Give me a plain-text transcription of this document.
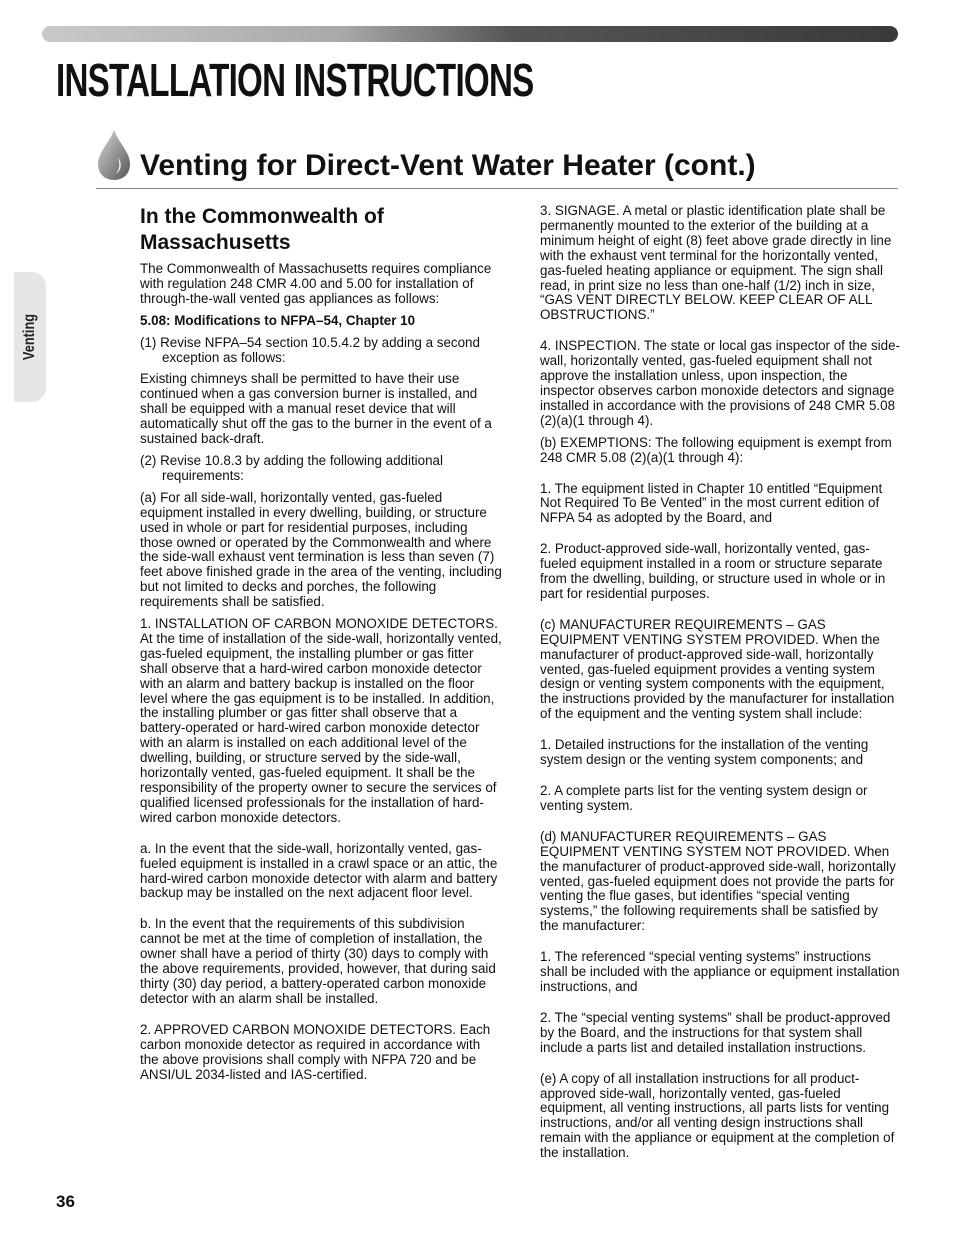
INSTALLATION INSTRUCTIONS
Venting for Direct-Vent Water Heater (cont.)
Venting
In the Commonwealth of Massachusetts

The Commonwealth of Massachusetts requires compliance with regulation 248 CMR 4.00 and 5.00 for installation of through-the-wall vented gas appliances as follows:

5.08: Modifications to NFPA–54, Chapter 10

(1) Revise NFPA–54 section 10.5.4.2 by adding a second exception as follows:

Existing chimneys shall be permitted to have their use continued when a gas conversion burner is installed, and shall be equipped with a manual reset device that will automatically shut off the gas to the burner in the event of a sustained back-draft.

(2) Revise 10.8.3 by adding the following additional requirements:

(a) For all side-wall, horizontally vented, gas-fueled equipment installed in every dwelling, building, or structure used in whole or part for residential purposes, including those owned or operated by the Commonwealth and where the side-wall exhaust vent termination is less than seven (7) feet above finished grade in the area of the venting, including but not limited to decks and porches, the following requirements shall be satisfied.

1. INSTALLATION OF CARBON MONOXIDE DETECTORS. At the time of installation of the side-wall, horizontally vented, gas-fueled equipment, the installing plumber or gas fitter shall observe that a hard-wired carbon monoxide detector with an alarm and battery backup is installed on the floor level where the gas equipment is to be installed. In addition, the installing plumber or gas fitter shall observe that a battery-operated or hard-wired carbon monoxide detector with an alarm is installed on each additional level of the dwelling, building, or structure served by the side-wall, horizontally vented, gas-fueled equipment. It shall be the responsibility of the property owner to secure the services of qualified licensed professionals for the installation of hard-wired carbon monoxide detectors.

a. In the event that the side-wall, horizontally vented, gas-fueled equipment is installed in a crawl space or an attic, the hard-wired carbon monoxide detector with alarm and battery backup may be installed on the next adjacent floor level.

b. In the event that the requirements of this subdivision cannot be met at the time of completion of installation, the owner shall have a period of thirty (30) days to comply with the above requirements, provided, however, that during said thirty (30) day period, a battery-operated carbon monoxide detector with an alarm shall be installed.

2. APPROVED CARBON MONOXIDE DETECTORS. Each carbon monoxide detector as required in accordance with the above provisions shall comply with NFPA 720 and be ANSI/UL 2034-listed and IAS-certified.

3. SIGNAGE. A metal or plastic identification plate shall be permanently mounted to the exterior of the building at a minimum height of eight (8) feet above grade directly in line with the exhaust vent terminal for the horizontally vented, gas-fueled heating appliance or equipment. The sign shall read, in print size no less than one-half (1/2) inch in size, “GAS VENT DIRECTLY BELOW. KEEP CLEAR OF ALL OBSTRUCTIONS.”

4. INSPECTION. The state or local gas inspector of the side-wall, horizontally vented, gas-fueled equipment shall not approve the installation unless, upon inspection, the inspector observes carbon monoxide detectors and signage installed in accordance with the provisions of 248 CMR 5.08 (2)(a)(1 through 4).

(b) EXEMPTIONS: The following equipment is exempt from 248 CMR 5.08 (2)(a)(1 through 4):

1. The equipment listed in Chapter 10 entitled “Equipment Not Required To Be Vented” in the most current edition of NFPA 54 as adopted by the Board, and

2. Product-approved side-wall, horizontally vented, gas-fueled equipment installed in a room or structure separate from the dwelling, building, or structure used in whole or in part for residential purposes.

(c) MANUFACTURER REQUIREMENTS – GAS EQUIPMENT VENTING SYSTEM PROVIDED. When the manufacturer of product-approved side-wall, horizontally vented, gas-fueled equipment provides a venting system design or venting system components with the equipment, the instructions provided by the manufacturer for installation of the equipment and the venting system shall include:

1. Detailed instructions for the installation of the venting system design or the venting system components; and

2. A complete parts list for the venting system design or venting system.

(d) MANUFACTURER REQUIREMENTS – GAS EQUIPMENT VENTING SYSTEM NOT PROVIDED. When the manufacturer of product-approved side-wall, horizontally vented, gas-fueled equipment does not provide the parts for venting the flue gases, but identifies “special venting systems,” the following requirements shall be satisfied by the manufacturer:

1. The referenced “special venting systems” instructions shall be included with the appliance or equipment installation instructions, and

2. The “special venting systems” shall be product-approved by the Board, and the instructions for that system shall include a parts list and detailed installation instructions.

(e) A copy of all installation instructions for all product-approved side-wall, horizontally vented, gas-fueled equipment, all venting instructions, all parts lists for venting instructions, and/or all venting design instructions shall remain with the appliance or equipment at the completion of the installation.

36
